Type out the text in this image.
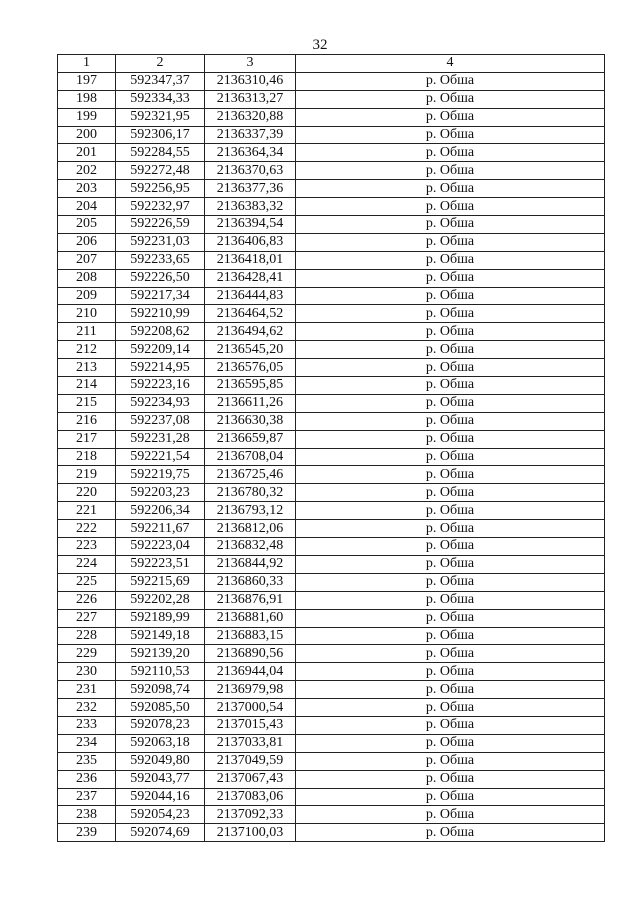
32
1	2	3	4
197	592347,37	2136310,46	р. Обша
198	592334,33	2136313,27	р. Обша
199	592321,95	2136320,88	р. Обша
200	592306,17	2136337,39	р. Обша
201	592284,55	2136364,34	р. Обша
202	592272,48	2136370,63	р. Обша
203	592256,95	2136377,36	р. Обша
204	592232,97	2136383,32	р. Обша
205	592226,59	2136394,54	р. Обша
206	592231,03	2136406,83	р. Обша
207	592233,65	2136418,01	р. Обша
208	592226,50	2136428,41	р. Обша
209	592217,34	2136444,83	р. Обша
210	592210,99	2136464,52	р. Обша
211	592208,62	2136494,62	р. Обша
212	592209,14	2136545,20	р. Обша
213	592214,95	2136576,05	р. Обша
214	592223,16	2136595,85	р. Обша
215	592234,93	2136611,26	р. Обша
216	592237,08	2136630,38	р. Обша
217	592231,28	2136659,87	р. Обша
218	592221,54	2136708,04	р. Обша
219	592219,75	2136725,46	р. Обша
220	592203,23	2136780,32	р. Обша
221	592206,34	2136793,12	р. Обша
222	592211,67	2136812,06	р. Обша
223	592223,04	2136832,48	р. Обша
224	592223,51	2136844,92	р. Обша
225	592215,69	2136860,33	р. Обша
226	592202,28	2136876,91	р. Обша
227	592189,99	2136881,60	р. Обша
228	592149,18	2136883,15	р. Обша
229	592139,20	2136890,56	р. Обша
230	592110,53	2136944,04	р. Обша
231	592098,74	2136979,98	р. Обша
232	592085,50	2137000,54	р. Обша
233	592078,23	2137015,43	р. Обша
234	592063,18	2137033,81	р. Обша
235	592049,80	2137049,59	р. Обша
236	592043,77	2137067,43	р. Обша
237	592044,16	2137083,06	р. Обша
238	592054,23	2137092,33	р. Обша
239	592074,69	2137100,03	р. Обша
